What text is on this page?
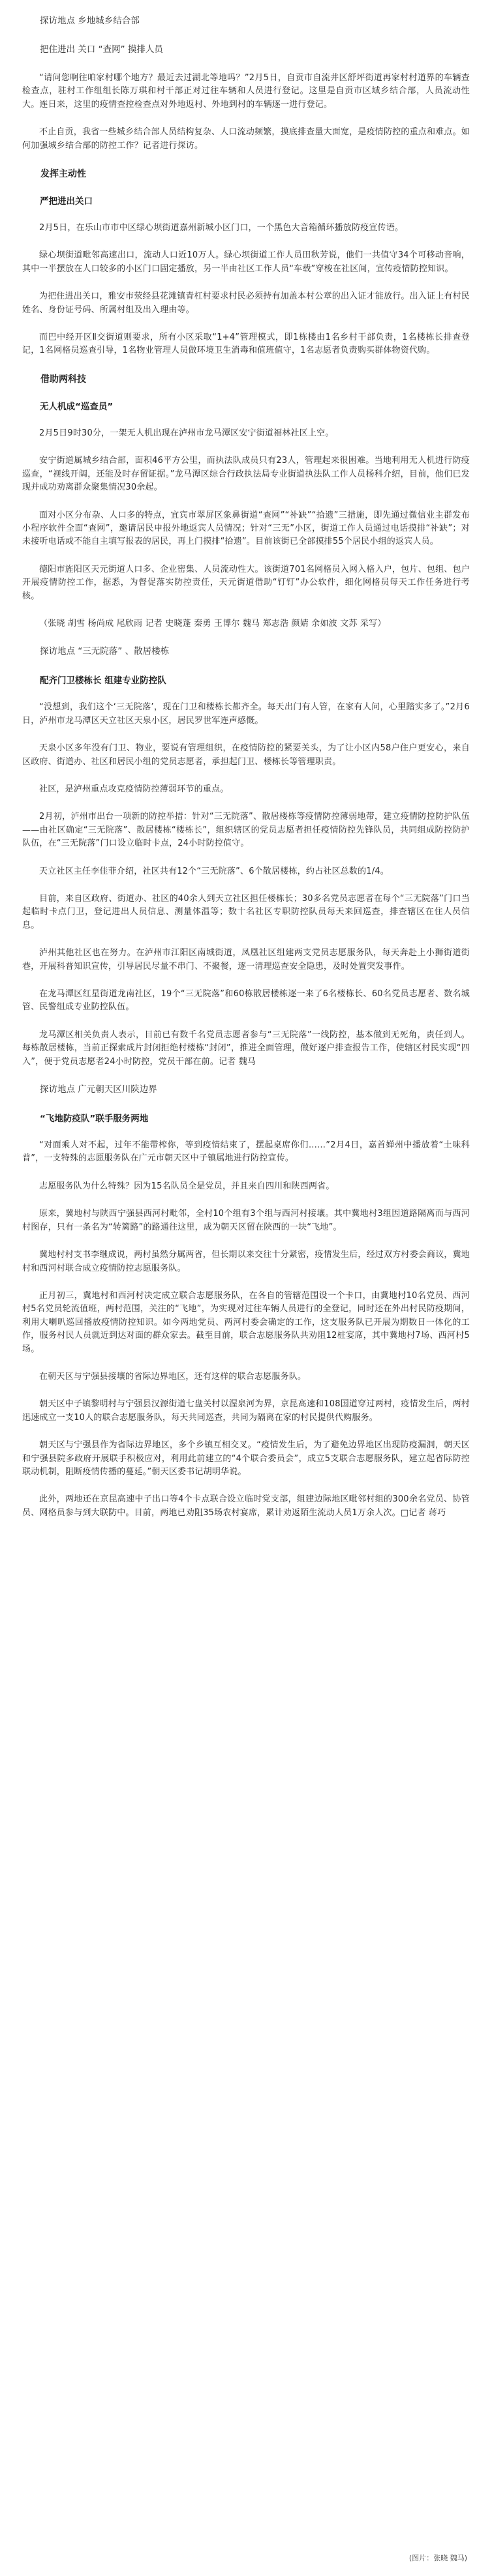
探访地点 乡地城乡结合部
把住进出 关口 “查网” 摸排人员

“请问您啊往咱家村哪个地方？最近去过湖北等地吗？”2月5日，自贡市自流井区舒坪街道再家村村道界的车辆查检查点，驻村工作组组长陈万琪和村干部正对过往车辆和人员进行登记。这里是自贡市区域乡结合部，人员流动性大。连日来，这里的疫情查控检查点对外地返村、外地到村的车辆逐一进行登记。

不止自贡，我省一些城乡结合部人员结构复杂、人口流动频繁，摸底排查量大面宽，是疫情防控的重点和难点。如何加强城乡结合部的防控工作？记者进行探访。

发挥主动性
严把进出关口

2月5日，在乐山市市中区绿心坝街道嘉州新城小区门口，一个黑色大音箱循环播放防疫宣传语。

绿心坝街道毗邻高速出口，流动人口近10万人。绿心坝街道工作人员田秋芳说，他们一共值守34个可移动音响，其中一半摆放在人口较多的小区门口固定播放，另一半由社区工作人员“车载”穿梭在社区间，宣传疫情防控知识。

为把住进出关口，雅安市荥经县花滩镇青杠村要求村民必须持有加盖本村公章的出入证才能放行。出入证上有村民姓名、身份证号码、所属村组及出入理由等。

而巴中经开区Ⅱ交街道则要求，所有小区采取“1+4”管理模式，即1栋楼由1名乡村干部负责，1名楼栋长排查登记，1名网格员巡查引导，1名物业管理人员做环境卫生消毒和值班值守，1名志愿者负责购买群体物资代购。

借助两科技
无人机成“巡查员”

2月5日9时30分，一架无人机出现在泸州市龙马潭区安宁街道福林社区上空。

安宁街道属城乡结合部，面积46平方公里，而执法队成员只有23人，管理起来很困难。当地利用无人机进行防疫巡查，“视线开阔，还能及时存留证据。”龙马潭区综合行政执法局专业街道执法队工作人员杨科介绍，目前，他们已发现并成功劝离群众聚集情况30余起。

面对小区分布杂、人口多的特点，宜宾市翠屏区象鼻街道“查网”“补缺”“拾遗”三措施，即先通过微信业主群发布小程序软件全面“查网”，邀请居民申报外地返宾人员情况；针对“三无”小区，街道工作人员通过电话摸排“补缺”；对未接听电话或不能自主填写报表的居民，再上门摸排“拾遗”。目前该街已全部摸排55个居民小组的返宾人员。

德阳市旌阳区天元街道人口多、企业密集、人员流动性大。该街道701名网格员入网入格入户，包片、包组、包户开展疫情防控工作，据悉，为督促落实防控责任，天元街道借助“钉钉”办公软件，细化网格员每天工作任务进行考核。

（张晓 胡雪 杨尚成 尾欣雨 记者 史晓蓬 秦勇 王博尔 魏马 郑志浩 颜婧 余如波 文苏 采写）

探访地点 “三无院落” 、散居楼栋
配齐门卫楼栋长 组建专业防控队

“没想到，我们这个‘三无院落’，现在门卫和楼栋长都齐全。每天出门有人管，在家有人问，心里踏实多了。”2月6日，泸州市龙马潭区天立社区天泉小区，居民罗世军连声感慨。

天泉小区多年没有门卫、物业，要说有管理组织，在疫情防控的紧要关头，为了让小区内58户住户更安心，来自区政府、街道办、社区和居民小组的党员志愿者，承担起门卫、楼栋长等管理职责。

社区，是泸州重点攻克疫情防控薄弱环节的重点。

2月初，泸州市出台一项新的防控举措：针对“三无院落”、散居楼栋等疫情防控薄弱地带，建立疫情防控防护队伍——由社区确定“三无院落”、散居楼栋“楼栋长”，组织辖区的党员志愿者担任疫情防控先锋队员，共同组成防控防护队伍，在“三无院落”门口设立临时卡点，24小时防控值守。

天立社区主任李佳菲介绍，社区共有12个“三无院落”、6个散居楼栋，约占社区总数的1/4。

目前，来自区政府、街道办、社区的40余人到天立社区担任楼栋长；30多名党员志愿者在每个“三无院落”门口当起临时卡点门卫，登记进出人员信息、测量体温等；数十名社区专职防控队员每天来回巡查，排查辖区在住人员信息。

泸州其他社区也在努力。在泸州市江阳区南城街道，凤凰社区组建两支党员志愿服务队，每天奔赴上小狮街道街巷，开展科普知识宣传，引导居民尽量不串门、不聚餐，逐一清理巡查安全隐患，及时处置突发事件。

在龙马潭区红星街道龙南社区，19个“三无院落”和60栋散居楼栋逐一来了6名楼栋长、60名党员志愿者、数名城管、民警组成专业防控队伍。

龙马潭区相关负责人表示，目前已有数千名党员志愿者参与“三无院落”一线防控，基本做到无死角，责任到人。每栋散居楼栋，当前正探索成片封闭拒绝村楼栋“封闭”，推进全面管理，做好逐户排查报告工作，使辖区村民实现“四入”，便于党员志愿者24小时防控，党员干部在前。记者 魏马

探访地点 广元朝天区川陕边界
“飞地防疫队”联手服务两地

“对面乘人对不起，过年不能带榨你，等到疫情结束了，摆起桌席你们……”2月4日，嘉首婵州中播放着“土味科普”，一支特殊的志愿服务队在广元市朝天区中子镇属地进行防控宣传。

志愿服务队为什么特殊？因为15名队员全是党员，并且来自四川和陕西两省。

原来，冀地村与陕西宁强县西河村毗邻，全村10个组有3个组与西河村接壤。其中冀地村3组因道路隔离而与西河村图存，只有一条名为“转篱路”的路通往这里，成为朝天区留在陕西的一块“飞地”。

冀地村村支书李继成说，两村虽然分属两省，但长期以来交往十分紧密，疫情发生后，经过双方村委会商议，冀地村和西河村联合成立疫情防控志愿服务队。

正月初三，冀地村和西河村决定成立联合志愿服务队，在各自的管辖范围设一个卡口，由冀地村10名党员、西河村5名党员轮流值班，两村范围，关注的“飞地”，为实现对过往车辆人员进行的全登记，同时还在外出村民防疫期间，利用大喇叭巡回播放疫情防控知识。如今两地党员、两河村委会确定的工作，这支服务队已开展为期数日一体化的工作，服务村民人员就近到达对面的群众家去。截至目前，联合志愿服务队共劝阻12桩宴席，其中冀地村7场、西河村5场。

在朝天区与宁强县接壤的省际边界地区，还有这样的联合志愿服务队。

朝天区中子镇黎明村与宁强县汉源街道七盘关村以渥泉河为界，京昆高速和108国道穿过两村，疫情发生后，两村迅速成立一支10人的联合志愿服务队，每天共同巡查，共同为隔离在家的村民提供代购服务。

朝天区与宁强县作为省际边界地区，多个乡镇互相交叉。“疫情发生后，为了避免边界地区出现防疫漏洞，朝天区和宁强县院多政府开展联手积极应对，利用此前建立的“4个联合委员会”，成立5支联合志愿服务队，建立起省际防控联动机制，阻断疫情传播的蔓延。”朝天区委书记胡明华说。

此外，两地还在京昆高速中子出口等4个卡点联合设立临时党支部，组建边际地区毗邻村组的300余名党员、协管员、网格员参与到大联防中。目前，两地已劝阻35场农村宴席，累计劝返陌生流动人员1万余人次。□记者 蒋巧

(图片：张晓 魏马)
